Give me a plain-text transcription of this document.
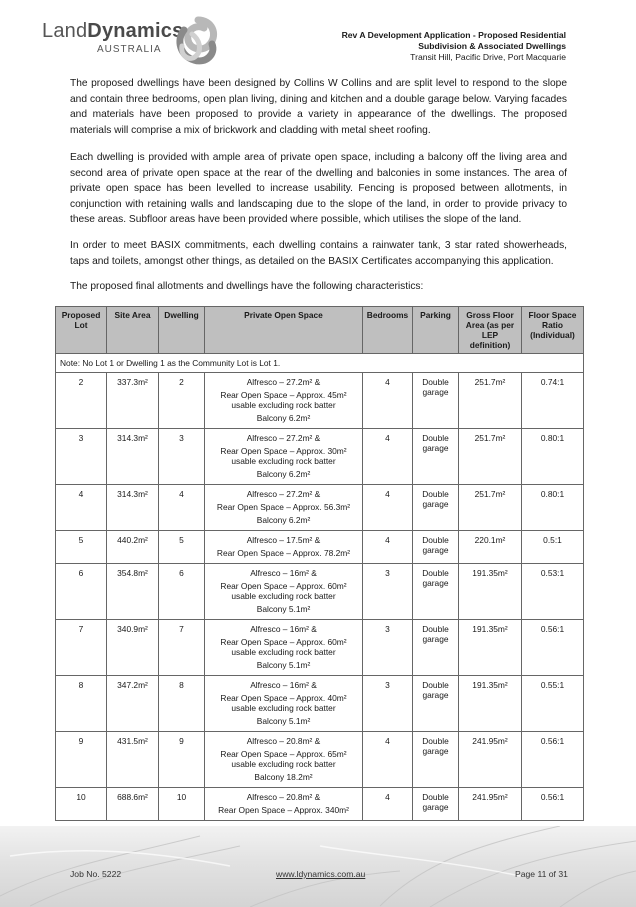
LandDynamics
AUSTRALIA
Rev A Development Application - Proposed Residential
Subdivision & Associated Dwellings
Transit Hill, Pacific Drive, Port Macquarie

The proposed dwellings have been designed by Collins W Collins and are split level to respond to the slope and contain three bedrooms, open plan living, dining and kitchen and a double garage below. Varying facades and materials have been proposed to provide a variety in appearance of the dwellings. The proposed materials will comprise a mix of brickwork and cladding with metal sheet roofing.

Each dwelling is provided with ample area of private open space, including a balcony off the living area and second area of private open space at the rear of the dwelling and balconies in some instances. The area of private open space has been levelled to increase usability. Fencing is proposed between allotments, in conjunction with retaining walls and landscaping due to the slope of the land, in order to provide privacy to these areas. Subfloor areas have been provided where possible, which utilises the slope of the land.

In order to meet BASIX commitments, each dwelling contains a rainwater tank, 3 star rated showerheads, taps and toilets, amongst other things, as detailed on the BASIX Certificates accompanying this application.

The proposed final allotments and dwellings have the following characteristics:

Proposed Lot	Site Area	Dwelling	Private Open Space	Bedrooms	Parking	Gross Floor Area (as per LEP definition)	Floor Space Ratio (Individual)
Note: No Lot 1 or Dwelling 1 as the Community Lot is Lot 1.							
2	337.3m²	2	Alfresco – 27.2m² &
Rear Open Space – Approx. 45m² usable excluding rock batter
Balcony 6.2m²	4	Double garage	251.7m²	0.74:1
3	314.3m²	3	Alfresco – 27.2m² &
Rear Open Space – Approx. 30m² usable excluding rock batter
Balcony 6.2m²	4	Double garage	251.7m²	0.80:1
4	314.3m²	4	Alfresco – 27.2m² &
Rear Open Space – Approx. 56.3m²
Balcony 6.2m²	4	Double garage	251.7m²	0.80:1
5	440.2m²	5	Alfresco – 17.5m² &
Rear Open Space – Approx. 78.2m²	4	Double garage	220.1m²	0.5:1
6	354.8m²	6	Alfresco – 16m² &
Rear Open Space – Approx. 60m² usable excluding rock batter
Balcony 5.1m²	3	Double garage	191.35m²	0.53:1
7	340.9m²	7	Alfresco – 16m² &
Rear Open Space – Approx. 60m² usable excluding rock batter
Balcony 5.1m²	3	Double garage	191.35m²	0.56:1
8	347.2m²	8	Alfresco – 16m² &
Rear Open Space – Approx. 40m² usable excluding rock batter
Balcony 5.1m²	3	Double garage	191.35m²	0.55:1
9	431.5m²	9	Alfresco – 20.8m² &
Rear Open Space – Approx. 65m² usable excluding rock batter
Balcony 18.2m²	4	Double garage	241.95m²	0.56:1
10	688.6m²	10	Alfresco – 20.8m² &
Rear Open Space – Approx. 340m²	4	Double garage	241.95m²	0.56:1
Job No. 5222	www.ldynamics.com.au	Page 11 of 31
